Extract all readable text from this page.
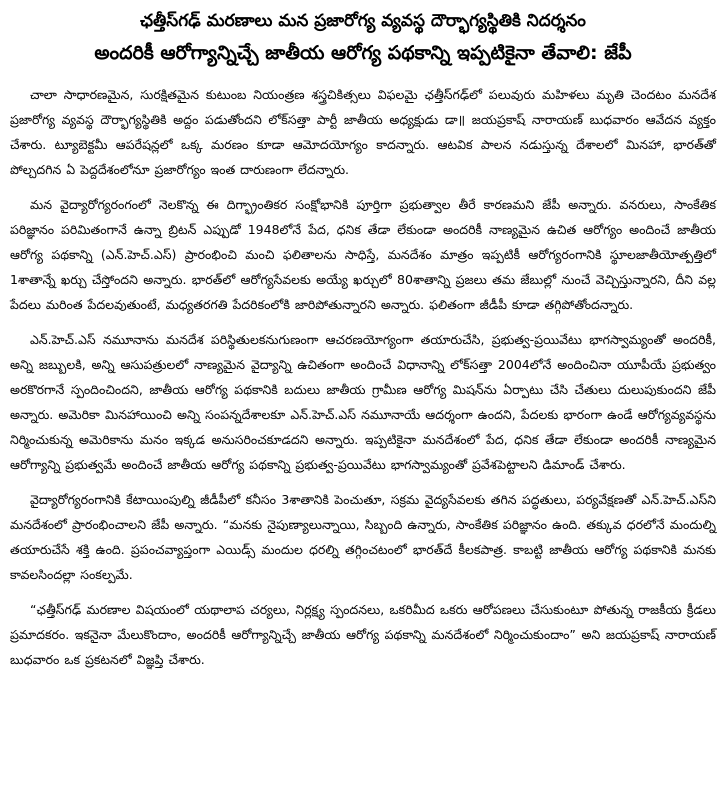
ఛత్తీస్‌గఢ్ మరణాలు మన ప్రజారోగ్య వ్యవస్థ దౌర్భాగ్యస్థితికి నిదర్శనం
అందరికీ ఆరోగ్యాన్నిచ్చే జాతీయ ఆరోగ్య పథకాన్ని ఇప్పటికైనా తేవాలి: జేపీ

చాలా సాధారణమైన, సురక్షితమైన కుటుంబ నియంత్రణ శస్త్రచికిత్సలు విఫలమై ఛత్తీస్‌గఢ్‌లో పలువురు మహిళలు మృతి చెందటం మనదేశ ప్రజారోగ్య వ్యవస్థ దౌర్భాగ్యస్థితికి అద్దం పడుతోందని లోక్‌సత్తా పార్టీ జాతీయ అధ్యక్షుడు డా॥ జయప్రకాష్ నారాయణ్ బుధవారం ఆవేదన వ్యక్తం చేశారు. ట్యూబెక్టమీ ఆపరేషన్లలో ఒక్క మరణం కూడా ఆమోదయోగ్యం కాదన్నారు. ఆటవిక పాలన నడుస్తున్న దేశాలలో మినహా, భారత్‌తో పోల్చదగిన ఏ పెద్దదేశంలోనూ ప్రజారోగ్యం ఇంత దారుణంగా లేదన్నారు.

మన వైద్యారోగ్యరంగంలో నెలకొన్న ఈ దిగ్భ్రాంతికర సంక్షోభానికి పూర్తిగా ప్రభుత్వాల తీరే కారణమని జేపీ అన్నారు. వనరులు, సాంకేతిక పరిజ్ఞానం పరిమితంగానే ఉన్నా బ్రిటన్ ఎప్పుడో 1948లోనే పేద, ధనిక తేడా లేకుండా అందరికీ నాణ్యమైన ఉచిత ఆరోగ్యం అందించే జాతీయ ఆరోగ్య పథకాన్ని (ఎన్.హెచ్.ఎస్) ప్రారంభించి మంచి ఫలితాలను సాధిస్తే, మనదేశం మాత్రం ఇప్పటికీ ఆరోగ్యరంగానికి స్థూలజాతీయోత్పత్తిలో 1శాతాన్నే ఖర్చు చేస్తోందని అన్నారు. భారత్‌లో ఆరోగ్యసేవలకు అయ్యే ఖర్చులో 80శాతాన్ని ప్రజలు తమ జేబుల్లో నుంచే వెచ్చిస్తున్నారని, దీని వల్ల పేదలు మరింత పేదలవుతుంటే, మధ్యతరగతి పేదరికంలోకి జారిపోతున్నారని అన్నారు. ఫలితంగా జీడీపీ కూడా తగ్గిపోతోందన్నారు.

ఎన్.హెచ్.ఎస్ నమూనాను మనదేశ పరిస్థితులకనుగుణంగా ఆచరణయోగ్యంగా తయారుచేసి, ప్రభుత్వ-ప్రయివేటు భాగస్వామ్యంతో అందరికీ, అన్ని జబ్బులకి, అన్ని ఆసుపత్రులలో నాణ్యమైన వైద్యాన్ని ఉచితంగా అందించే విధానాన్ని లోక్‌సత్తా 2004లోనే అందించినా యూపీయే ప్రభుత్వం అరకొరగానే స్పందించిందని, జాతీయ ఆరోగ్య పథకానికి బదులు జాతీయ గ్రామీణ ఆరోగ్య మిషన్‌ను ఏర్పాటు చేసి చేతులు దులుపుకుందని జేపీ అన్నారు. అమెరికా మినహాయించి అన్ని సంపన్నదేశాలకూ ఎన్.హెచ్.ఎస్ నమూనాయే ఆదర్శంగా ఉందని, పేదలకు భారంగా ఉండే ఆరోగ్యవ్యవస్థను నిర్మించుకున్న అమెరికాను మనం ఇక్కడ అనుసరించకూడదని అన్నారు. ఇప్పటికైనా మనదేశంలో పేద, ధనిక తేడా లేకుండా అందరికీ నాణ్యమైన ఆరోగ్యాన్ని ప్రభుత్వమే అందించే జాతీయ ఆరోగ్య పథకాన్ని ప్రభుత్వ-ప్రయివేటు భాగస్వామ్యంతో ప్రవేశపెట్టాలని డిమాండ్ చేశారు.

వైద్యారోగ్యరంగానికి కేటాయింపుల్ని జీడీపీలో కనీసం 3శాతానికి పెంచుతూ, సక్రమ వైద్యసేవలకు తగిన పద్ధతులు, పర్యవేక్షణతో ఎన్.హెచ్.ఎస్‌ని మనదేశంలో ప్రారంభించాలని జేపీ అన్నారు. “మనకు నైపుణ్యాలున్నాయి, సిబ్బంది ఉన్నారు, సాంకేతిక పరిజ్ఞానం ఉంది. తక్కువ ధరలోనే మందుల్ని తయారుచేసే శక్తి ఉంది. ప్రపంచవ్యాప్తంగా ఎయిడ్స్ మందుల ధరల్ని తగ్గించటంలో భారత్‌దే కీలకపాత్ర. కాబట్టి జాతీయ ఆరోగ్య పథకానికి మనకు కావలసిందల్లా సంకల్పమే.

“ఛత్తీస్‌గఢ్ మరణాల విషయంలో యథాలాప చర్యలు, నిర్లక్ష్య స్పందనలు, ఒకరిమీద ఒకరు ఆరోపణలు చేసుకుంటూ పోతున్న రాజకీయ క్రీడలు ప్రమాదకరం. ఇకనైనా మేలుకొందాం, అందరికీ ఆరోగ్యాన్నిచ్చే జాతీయ ఆరోగ్య పథకాన్ని మనదేశంలో నిర్మించుకుందాం” అని జయప్రకాష్ నారాయణ్ బుధవారం ఒక ప్రకటనలో విజ్ఞప్తి చేశారు.
